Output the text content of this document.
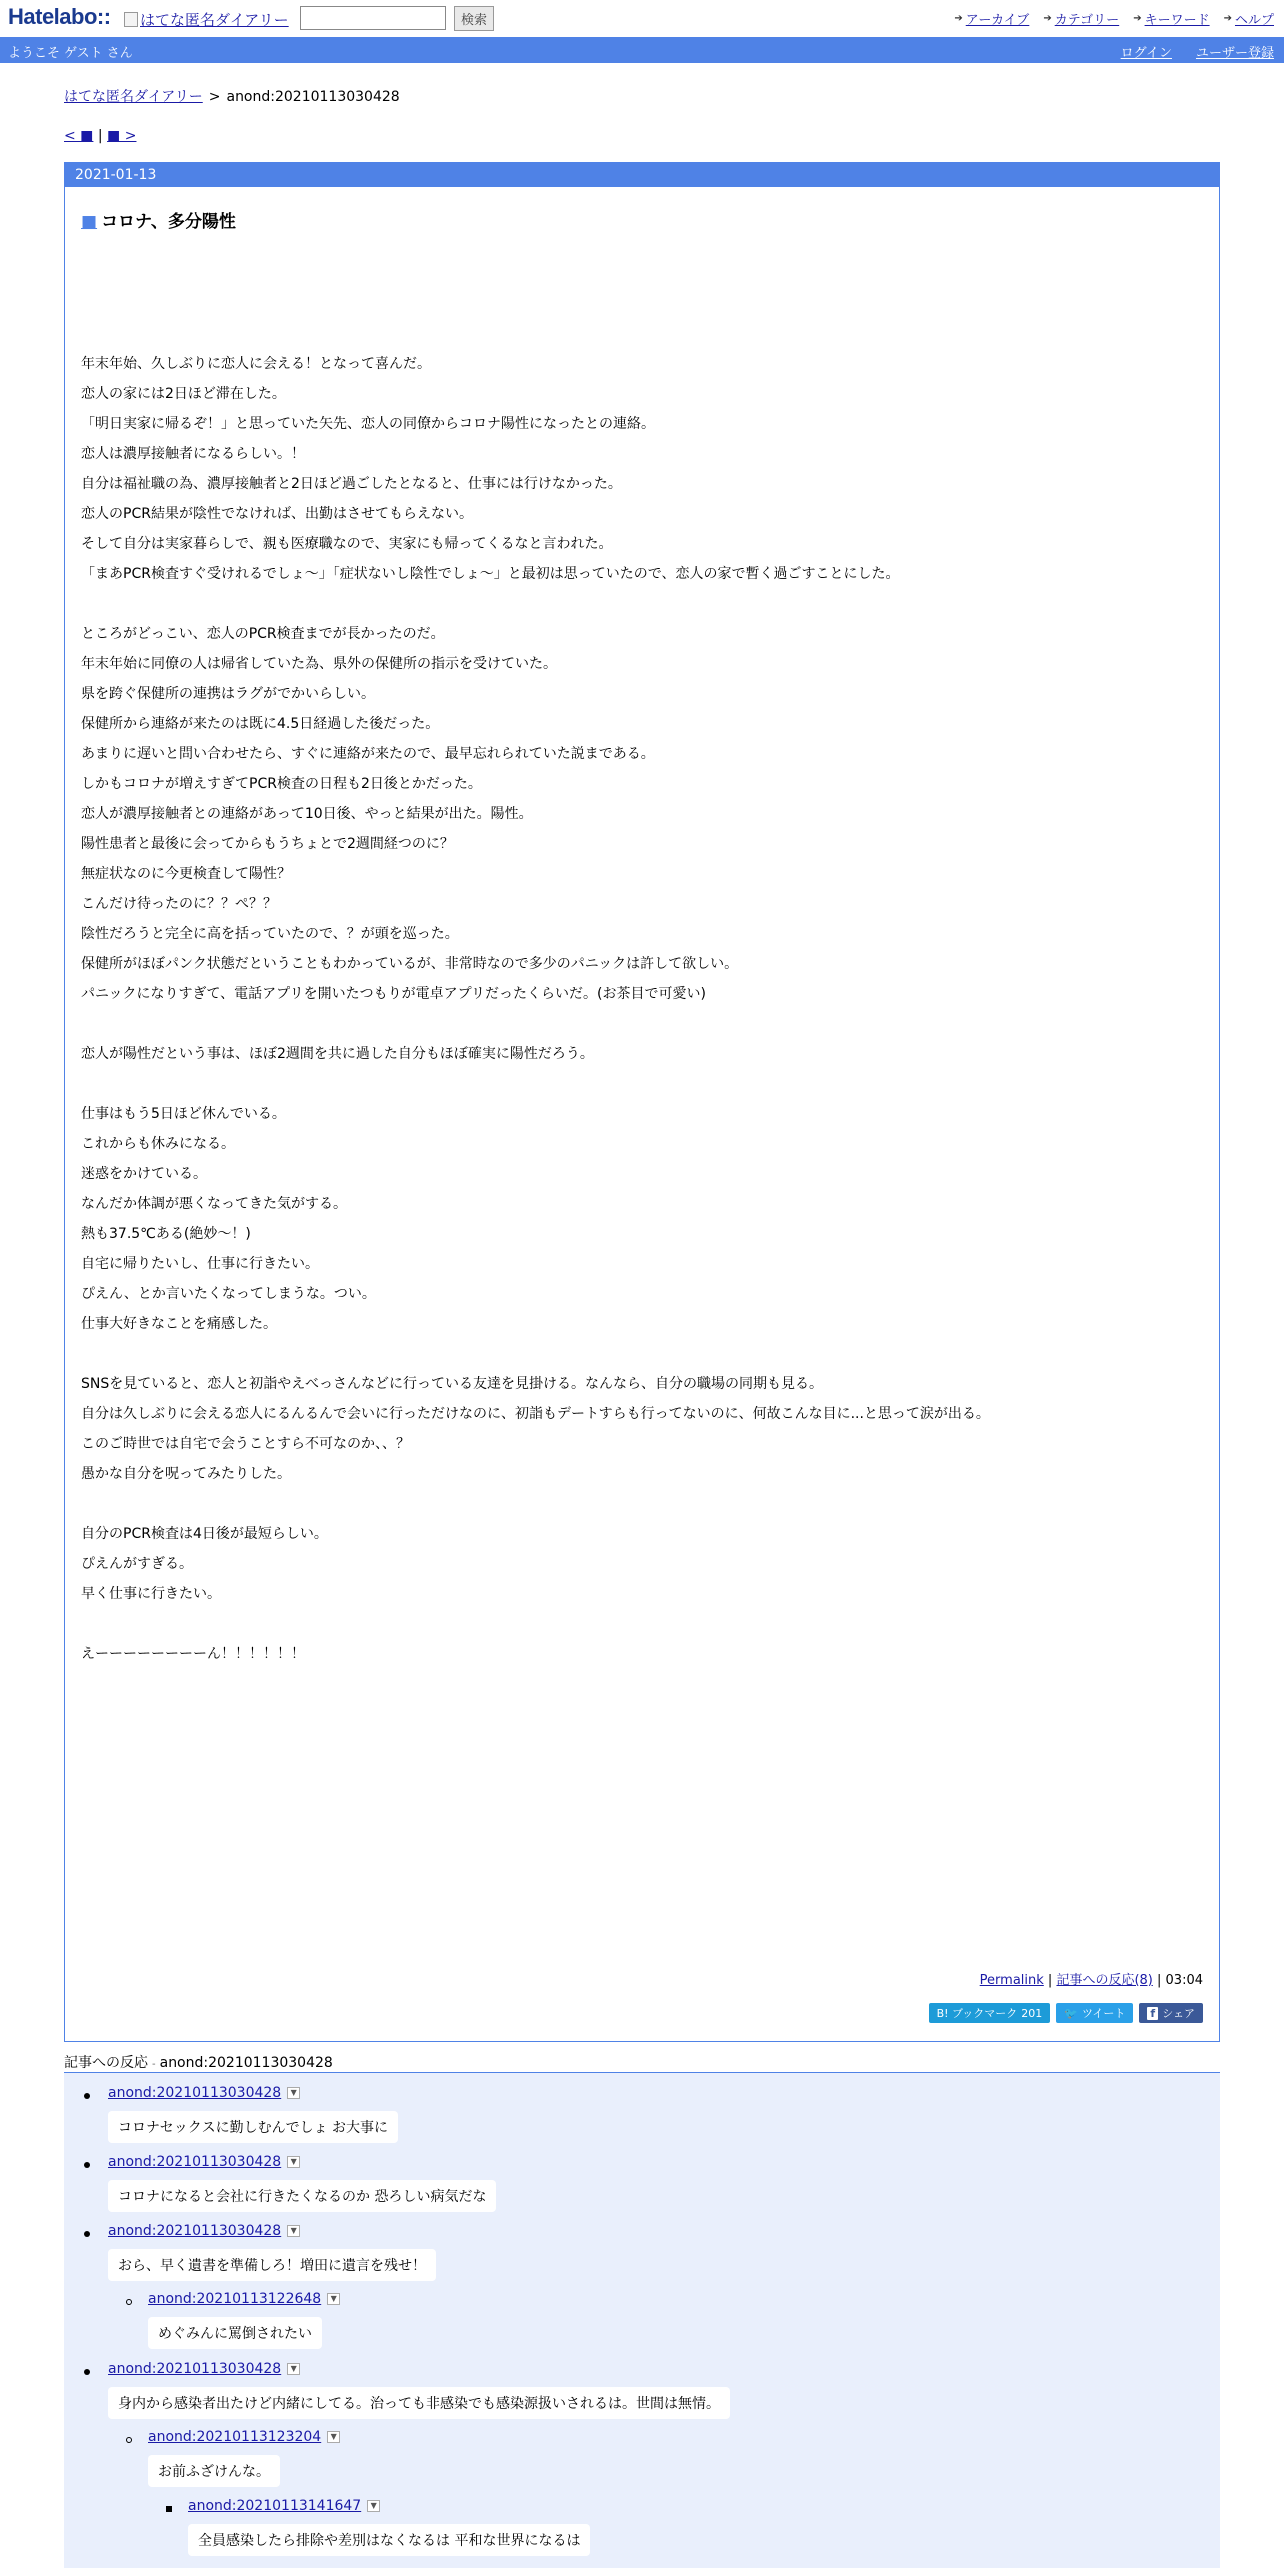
Hatelabo::	はてな匿名ダイアリー	検索	➔ アーカイブ ➔ カテゴリー ➔ キーワード ➔ ヘルプ
ようこそ ゲスト さん	ログイン ユーザー登録
はてな匿名ダイアリー > anond:20210113030428
< ■ | ■ >
2021-01-13
■ コロナ、多分陽性

年末年始、久しぶりに恋人に会える！となって喜んだ。

恋人の家には2日ほど滞在した。

「明日実家に帰るぞ！」と思っていた矢先、恋人の同僚からコロナ陽性になったとの連絡。

恋人は濃厚接触者になるらしい。！

自分は福祉職の為、濃厚接触者と2日ほど過ごしたとなると、仕事には行けなかった。

恋人のPCR結果が陰性でなければ、出勤はさせてもらえない。

そして自分は実家暮らしで、親も医療職なので、実家にも帰ってくるなと言われた。

「まあPCR検査すぐ受けれるでしょ〜」「症状ないし陰性でしょ〜」と最初は思っていたので、恋人の家で暫く過ごすことにした。

ところがどっこい、恋人のPCR検査までが長かったのだ。

年末年始に同僚の人は帰省していた為、県外の保健所の指示を受けていた。

県を跨ぐ保健所の連携はラグがでかいらしい。

保健所から連絡が来たのは既に4.5日経過した後だった。

あまりに遅いと問い合わせたら、すぐに連絡が来たので、最早忘れられていた説まである。

しかもコロナが増えすぎてPCR検査の日程も2日後とかだった。

恋人が濃厚接触者との連絡があって10日後、やっと結果が出た。陽性。

陽性患者と最後に会ってからもうちょとで2週間経つのに？

無症状なのに今更検査して陽性？

こんだけ待ったのに？？ぺ？？

陰性だろうと完全に高を括っていたので、？が頭を巡った。

保健所がほぼパンク状態だということもわかっているが、非常時なので多少のパニックは許して欲しい。

パニックになりすぎて、電話アプリを開いたつもりが電卓アプリだったくらいだ。(お茶目で可愛い)

恋人が陽性だという事は、ほぼ2週間を共に過した自分もほぼ確実に陽性だろう。

仕事はもう5日ほど休んでいる。

これからも休みになる。

迷惑をかけている。

なんだか体調が悪くなってきた気がする。

熱も37.5℃ある(絶妙〜！)

自宅に帰りたいし、仕事に行きたい。

ぴえん、とか言いたくなってしまうな。つい。

仕事大好きなことを痛感した。

SNSを見ていると、恋人と初詣やえべっさんなどに行っている友達を見掛ける。なんなら、自分の職場の同期も見る。

自分は久しぶりに会える恋人にるんるんで会いに行っただけなのに、初詣もデートすらも行ってないのに、何故こんな目に...と思って涙が出る。

このご時世では自宅で会うことすら不可なのか、、？

愚かな自分を呪ってみたりした。

自分のPCR検査は4日後が最短らしい。

ぴえんがすぎる。

早く仕事に行きたい。

えーーーーーーーーん！！！！！！

Permalink | 記事への反応(8) | 03:04
B! ブックマーク 201 🐦 ツイート f シェア
記事への反応 - anond:20210113030428
anond:20210113030428	▼
コロナセックスに勤しむんでしょ お大事に
anond:20210113030428	▼
コロナになると会社に行きたくなるのか 恐ろしい病気だな
anond:20210113030428	▼
おら、早く遺書を準備しろ！増田に遺言を残せ！
anond:20210113122648	▼
めぐみんに罵倒されたい
anond:20210113030428	▼
身内から感染者出たけど内緒にしてる。治っても非感染でも感染源扱いされるは。世間は無情。
anond:20210113123204	▼
お前ふざけんな。
anond:20210113141647	▼
全員感染したら排除や差別はなくなるは 平和な世界になるは
